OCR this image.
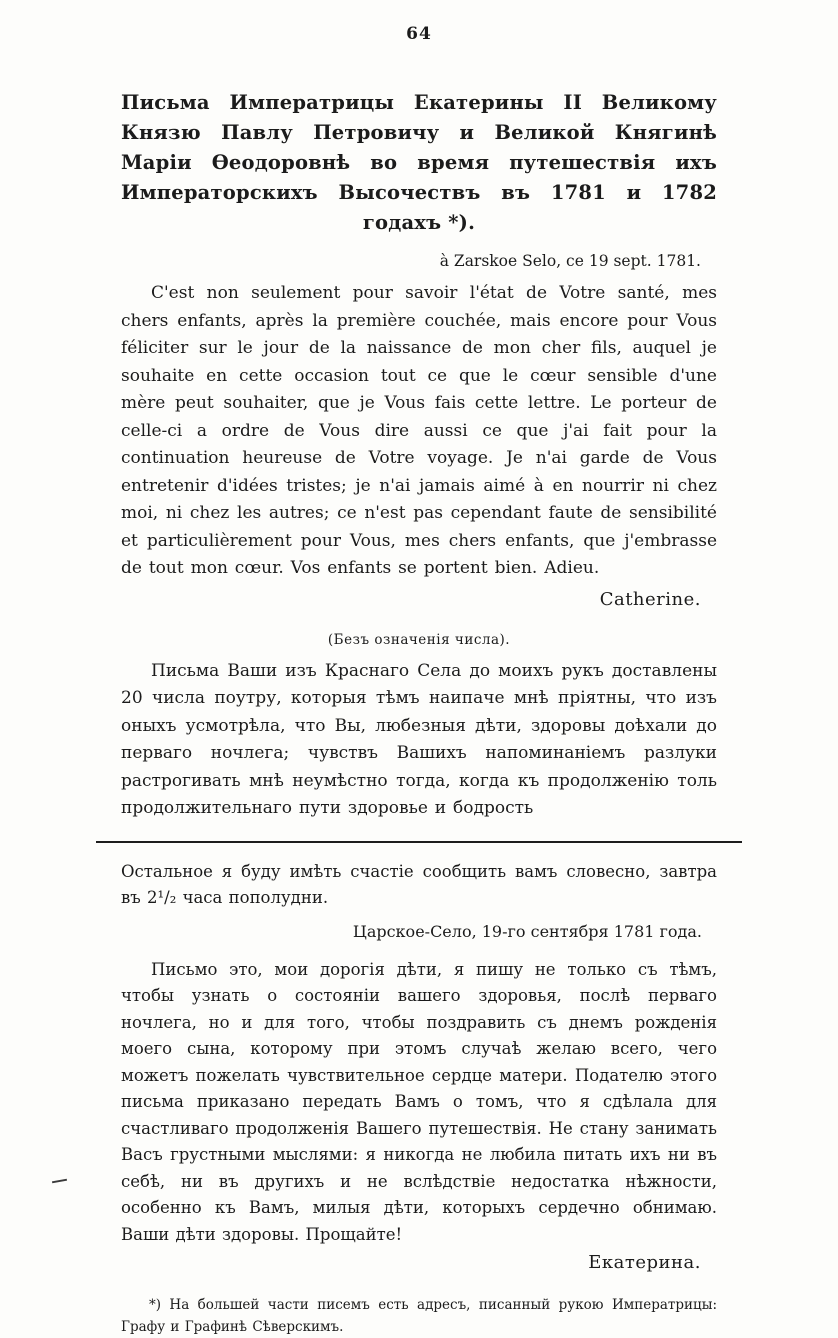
64
Письма Императрицы Екатерины II Великому Князю Павлу Петровичу и Великой Княгинѣ Маріи Ѳеодоровнѣ во время путешествія ихъ Императорскихъ Высочествъ въ 1781 и 1782 годахъ *).
à Zarskoe Selo, ce 19 sept. 1781.

C'est non seulement pour savoir l'état de Votre santé, mes chers enfants, après la première couchée, mais encore pour Vous féliciter sur le jour de la naissance de mon cher fils, auquel je souhaite en cette occasion tout ce que le cœur sensible d'une mère peut souhaiter, que je Vous fais cette lettre. Le porteur de celle-ci a ordre de Vous dire aussi ce que j'ai fait pour la continuation heureuse de Votre voyage. Je n'ai garde de Vous entretenir d'idées tristes; je n'ai jamais aimé à en nourrir ni chez moi, ni chez les autres; ce n'est pas cependant faute de sensibilité et particulièrement pour Vous, mes chers enfants, que j'embrasse de tout mon cœur. Vos enfants se portent bien. Adieu.

Catherine.
(Безъ означенія числа).

Письма Ваши изъ Краснаго Села до моихъ рукъ доставлены 20 числа поутру, которыя тѣмъ наипаче мнѣ пріятны, что изъ оныхъ усмотрѣла, что Вы, любезныя дѣти, здоровы доѣхали до перваго ночлега; чувствъ Вашихъ напоминаніемъ разлуки растрогивать мнѣ неумѣстно тогда, когда къ продолженію толь продолжительнаго пути здоровье и бодрость

Остальное я буду имѣть счастіе сообщить вамъ словесно, завтра въ 2¹/₂ часа пополудни.

Царское-Село, 19-го сентября 1781 года.

Письмо это, мои дорогія дѣти, я пишу не только съ тѣмъ, чтобы узнать о состояніи вашего здоровья, послѣ перваго ночлега, но и для того, чтобы поздравить съ днемъ рожденія моего сына, которому при этомъ случаѣ желаю всего, чего можетъ пожелать чувствительное сердце матери. Подателю этого письма приказано передать Вамъ о томъ, что я сдѣлала для счастливаго продолженія Вашего путешествія. Не стану занимать Васъ грустными мыслями: я никогда не любила питать ихъ ни въ себѣ, ни въ другихъ и не вслѣдствіе недостатка нѣжности, особенно къ Вамъ, милыя дѣти, которыхъ сердечно обнимаю. Ваши дѣти здоровы. Прощайте!

Екатерина.

*) На большей части писемъ есть адресъ, писанный рукою Императрицы: Графу и Графинѣ Сѣверскимъ.
